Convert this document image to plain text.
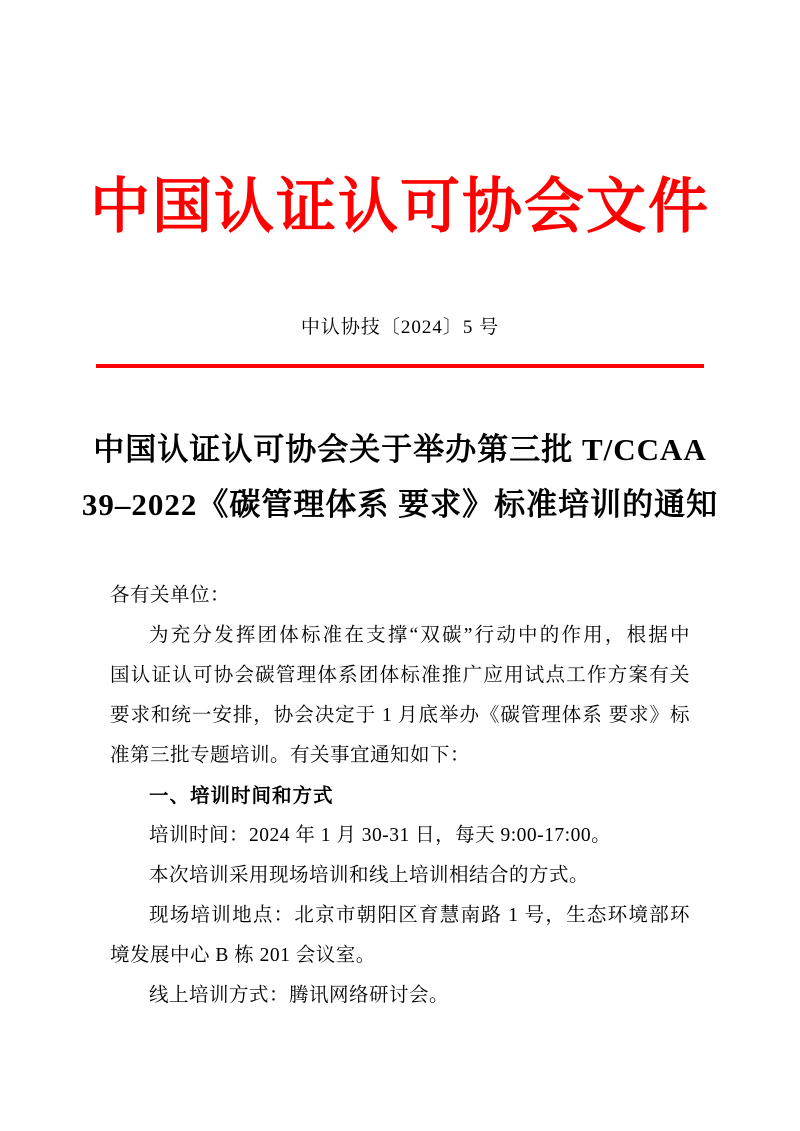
中国认证认可协会文件
中认协技〔2024〕5 号
中国认证认可协会关于举办第三批 T/CCAA
39–2022《碳管理体系 要求》标准培训的通知
各有关单位：
为充分发挥团体标准在支撑“双碳”行动中的作用，根据中
国认证认可协会碳管理体系团体标准推广应用试点工作方案有关
要求和统一安排，协会决定于 1 月底举办《碳管理体系 要求》标
准第三批专题培训。有关事宜通知如下：
一、培训时间和方式
培训时间：2024 年 1 月 30-31 日，每天 9:00-17:00。
本次培训采用现场培训和线上培训相结合的方式。
现场培训地点：北京市朝阳区育慧南路 1 号，生态环境部环
境发展中心 B 栋 201 会议室。
线上培训方式：腾讯网络研讨会。
